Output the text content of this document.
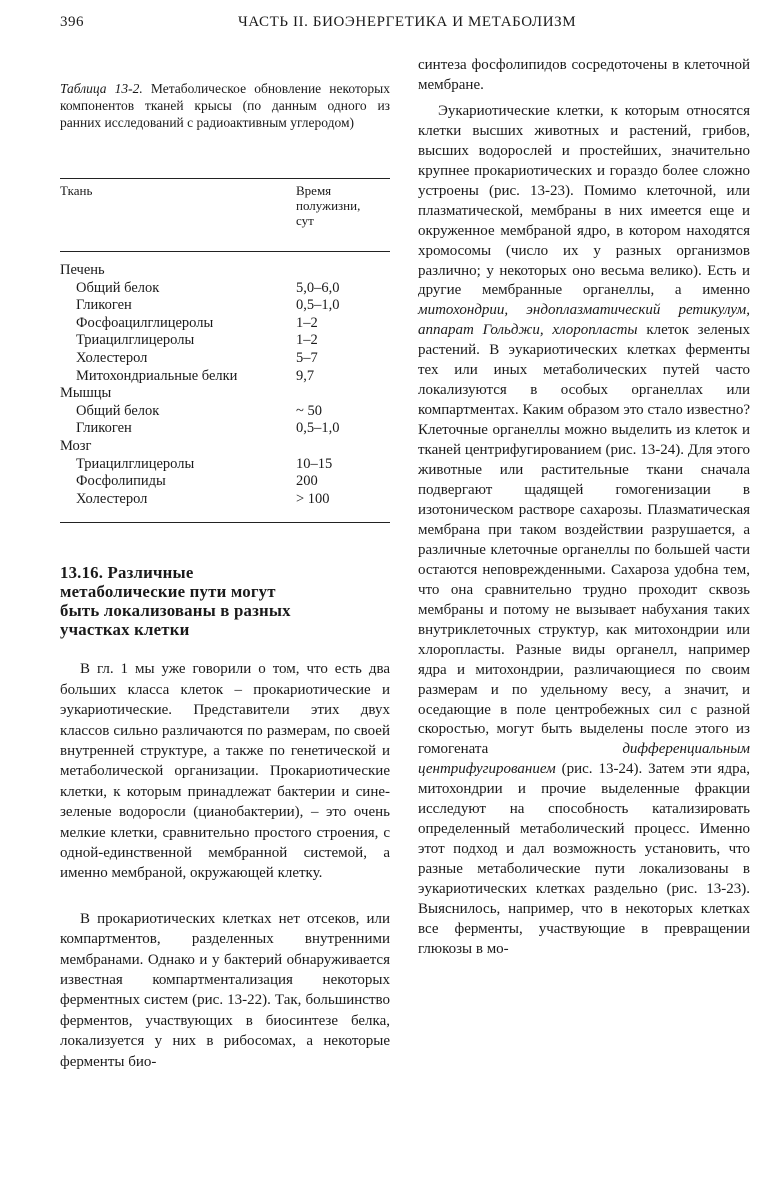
396	ЧАСТЬ II. БИОЭНЕРГЕТИКА И МЕТАБОЛИЗМ

Таблица 13-2. Метаболическое обновление некоторых компонентов тканей крысы (по данным одного из ранних исследований с радиоактивным углеродом)

Ткань	Время
полужизни,
сут
Печень
Общий белок	5,0–6,0
Гликоген	0,5–1,0
Фосфоацилглицеролы	1–2
Триацилглицеролы	1–2
Холестерол	5–7
Митохондриальные белки	9,7
Мышцы
Общий белок	~ 50
Гликоген	0,5–1,0
Мозг
Триацилглицеролы	10–15
Фосфолипиды	200
Холестерол	> 100
13.16. Различные
метаболические пути могут
быть локализованы в разных
участках клетки

В гл. 1 мы уже говорили о том, что есть два больших класса клеток – прокариотические и эукариотические. Представители этих двух классов сильно различаются по размерам, по своей внутренней структуре, а также по генетической и метаболической организации. Прокариотические клетки, к которым принадлежат бактерии и сине-зеленые водоросли (цианобактерии), – это очень мелкие клетки, сравнительно простого строения, с одной-единственной мембранной системой, а именно мембраной, окружающей клетку.

В прокариотических клетках нет отсеков, или компартментов, разделенных внутренними мембранами. Однако и у бактерий обнаруживается известная компартментализация некоторых ферментных систем (рис. 13-22). Так, большинство ферментов, участвующих в биосинтезе белка, локализуется у них в рибосомах, а некоторые ферменты био-

синтеза фосфолипидов сосредоточены в клеточной мембране.

Эукариотические клетки, к которым относятся клетки высших животных и растений, грибов, высших водорослей и простейших, значительно крупнее прокариотических и гораздо более сложно устроены (рис. 13-23). Помимо клеточной, или плазматической, мембраны в них имеется еще и окруженное мембраной ядро, в котором находятся хромосомы (число их у разных организмов различно; у некоторых оно весьма велико). Есть и другие мембранные органеллы, а именно митохондрии, эндоплазматический ретикулум, аппарат Гольджи, хлоропласты клеток зеленых растений. В эукариотических клетках ферменты тех или иных метаболических путей часто локализуются в особых органеллах или компартментах. Каким образом это стало известно? Клеточные органеллы можно выделить из клеток и тканей центрифугированием (рис. 13-24). Для этого животные или растительные ткани сначала подвергают щадящей гомогенизации в изотоническом растворе сахарозы. Плазматическая мембрана при таком воздействии разрушается, а различные клеточные органеллы по большей части остаются неповрежденными. Сахароза удобна тем, что она сравнительно трудно проходит сквозь мембраны и потому не вызывает набухания таких внутриклеточных структур, как митохондрии или хлоропласты. Разные виды органелл, например ядра и митохондрии, различающиеся по своим размерам и по удельному весу, а значит, и оседающие в поле центробежных сил с разной скоростью, могут быть выделены после этого из гомогената дифференциальным центрифугированием (рис. 13-24). Затем эти ядра, митохондрии и прочие выделенные фракции исследуют на способность катализировать определенный метаболический процесс. Именно этот подход и дал возможность установить, что разные метаболические пути локализованы в эукариотических клетках раздельно (рис. 13-23). Выяснилось, например, что в некоторых клетках все ферменты, участвующие в превращении глюкозы в мо-
